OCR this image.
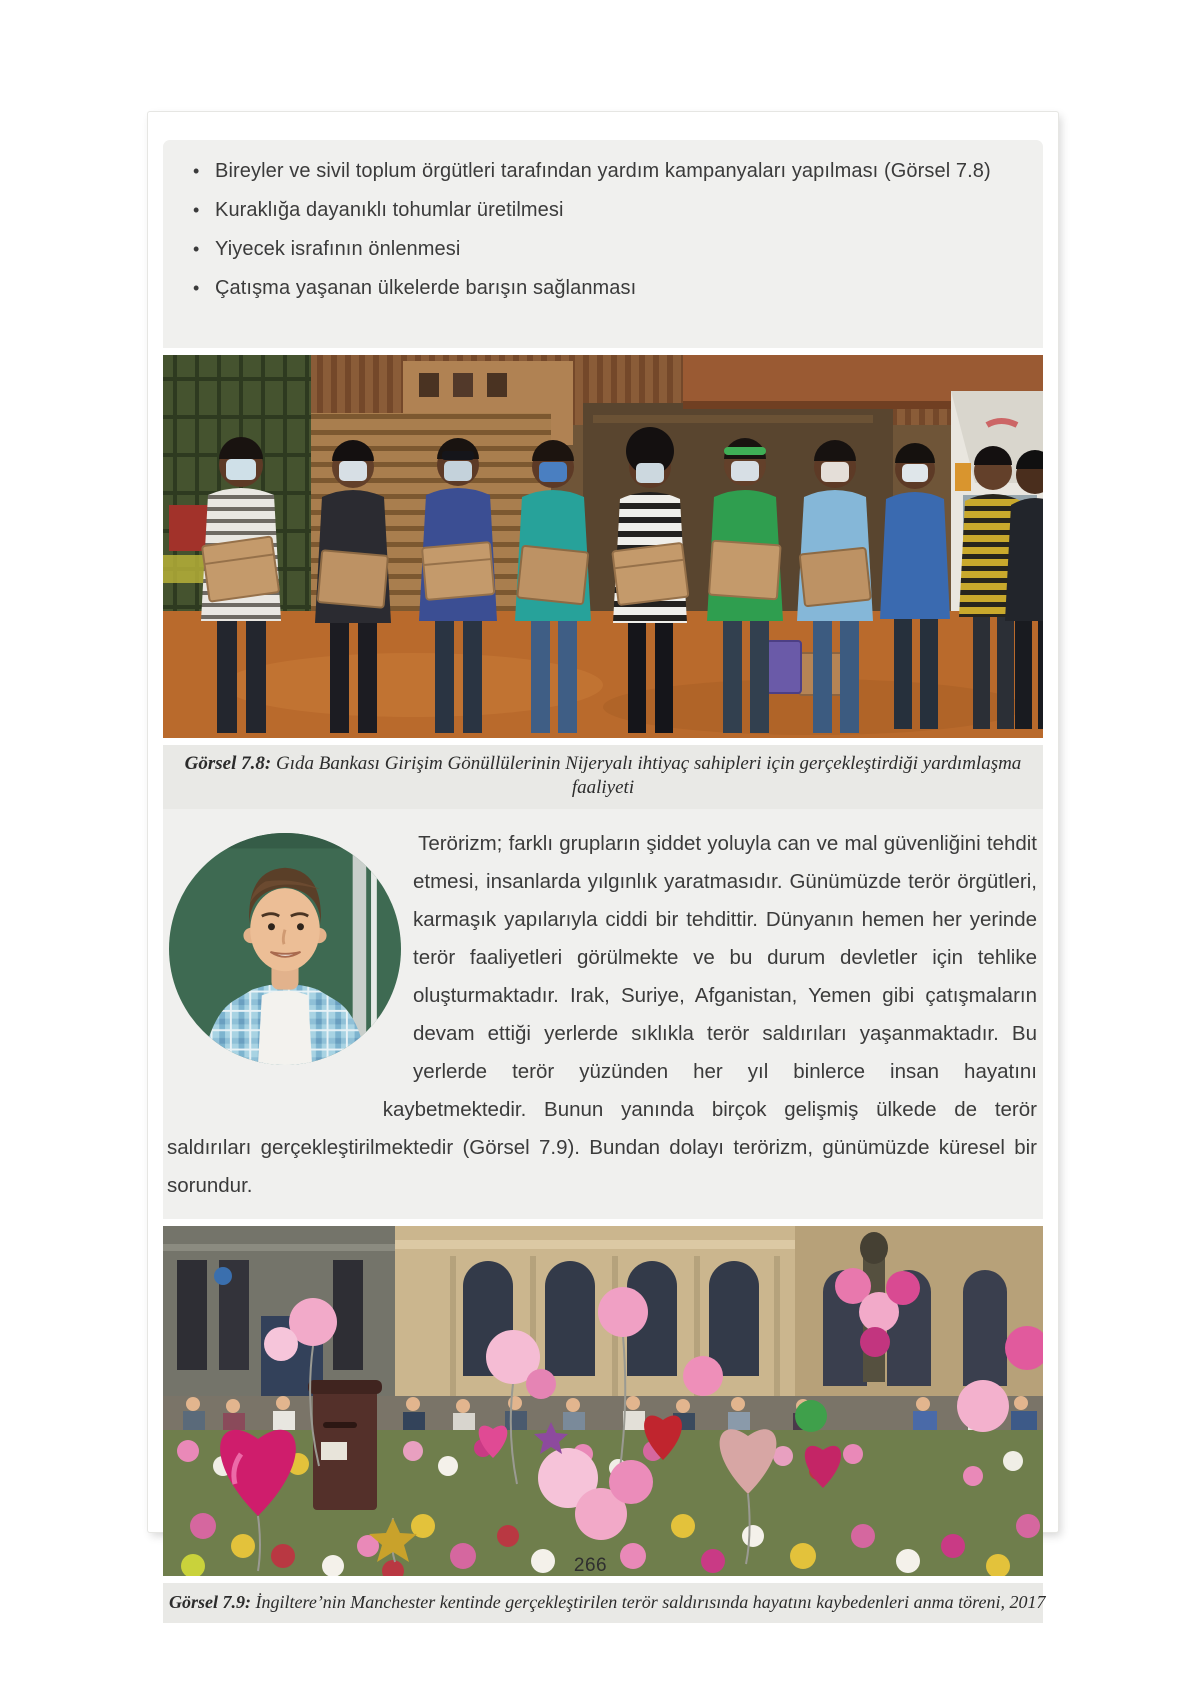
• Bireyler ve sivil toplum örgütleri tarafından yardım kampanyaları yapılması (Görsel 7.8)
• Kuraklığa dayanıklı tohumlar üretilmesi
• Yiyecek israfının önlenmesi
• Çatışma yaşanan ülkelerde barışın sağlanması
Görsel 7.8: Gıda Bankası Girişim Gönüllülerinin Nijeryalı ihtiyaç sahipleri için gerçekleştirdiği yardımlaşma faaliyeti

Terörizm; farklı grupların şiddet yoluyla can ve mal güvenliğini tehdit etmesi, insanlarda yılgınlık yaratmasıdır. Günümüzde terör örgütleri, karmaşık yapılarıyla ciddi bir tehdittir. Dünyanın hemen her yerinde terör faaliyetleri görülmekte ve bu durum devletler için tehlike oluşturmaktadır. Irak, Suriye, Afganistan, Yemen gibi çatışmaların devam ettiği yerlerde sıklıkla terör saldırıları yaşanmaktadır. Bu yerlerde terör yüzünden her yıl binlerce insan hayatını kaybetmektedir. Bunun yanında birçok gelişmiş ülkede de terör saldırıları gerçekleştirilmektedir (Görsel 7.9). Bundan dolayı terörizm, günümüzde küresel bir sorundur.

Görsel 7.9: İngiltere’nin Manchester kentinde gerçekleştirilen terör saldırısında hayatını kaybedenleri anma töreni, 2017
266
